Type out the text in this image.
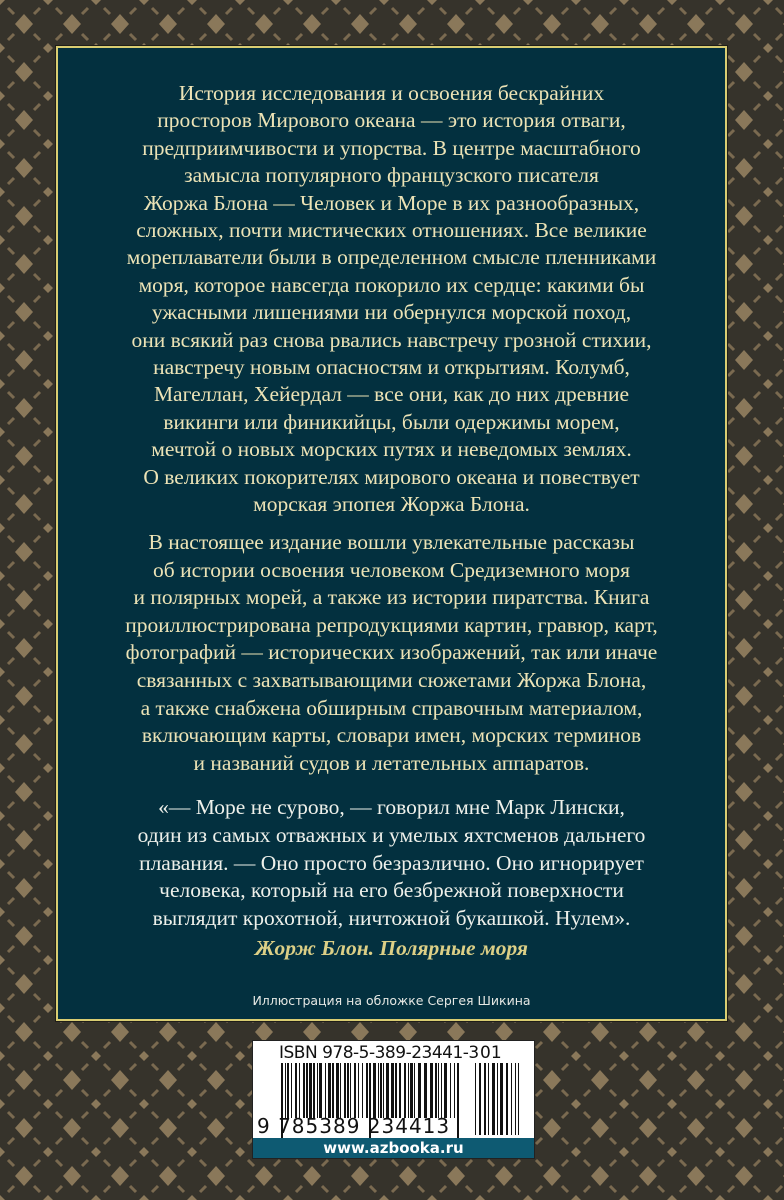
История исследования и освоения бескрайних
просторов Мирового океана — это история отваги,
предприимчивости и упорства. В центре масштабного
замысла популярного французского писателя
Жоржа Блона — Человек и Море в их разнообразных,
сложных, почти мистических отношениях. Все великие
мореплаватели были в определенном смысле пленниками
моря, которое навсегда покорило их сердце: какими бы
ужасными лишениями ни обернулся морской поход,
они всякий раз снова рвались навстречу грозной стихии,
навстречу новым опасностям и открытиям. Колумб,
Магеллан, Хейердал — все они, как до них древние
викинги или финикийцы, были одержимы морем,
мечтой о новых морских путях и неведомых землях.
О великих покорителях мирового океана и повествует
морская эпопея Жоржа Блона.
В настоящее издание вошли увлекательные рассказы
об истории освоения человеком Средиземного моря
и полярных морей, а также из истории пиратства. Книга
проиллюстрирована репродукциями картин, гравюр, карт,
фотографий — исторических изображений, так или иначе
связанных с захватывающими сюжетами Жоржа Блона,
а также снабжена обширным справочным материалом,
включающим карты, словари имен, морских терминов
и названий судов и летательных аппаратов.
«— Море не сурово, — говорил мне Марк Лински,
один из самых отважных и умелых яхтсменов дальнего
плавания. — Оно просто безразлично. Оно игнорирует
человека, который на его безбрежной поверхности
выглядит крохотной, ничтожной букашкой. Нулем».
Жорж Блон. Полярные моря
Иллюстрация на обложке Сергея Шикина
ISBN 978-5-389-23441-3 01
9 785389 234413
www.azbooka.ru
